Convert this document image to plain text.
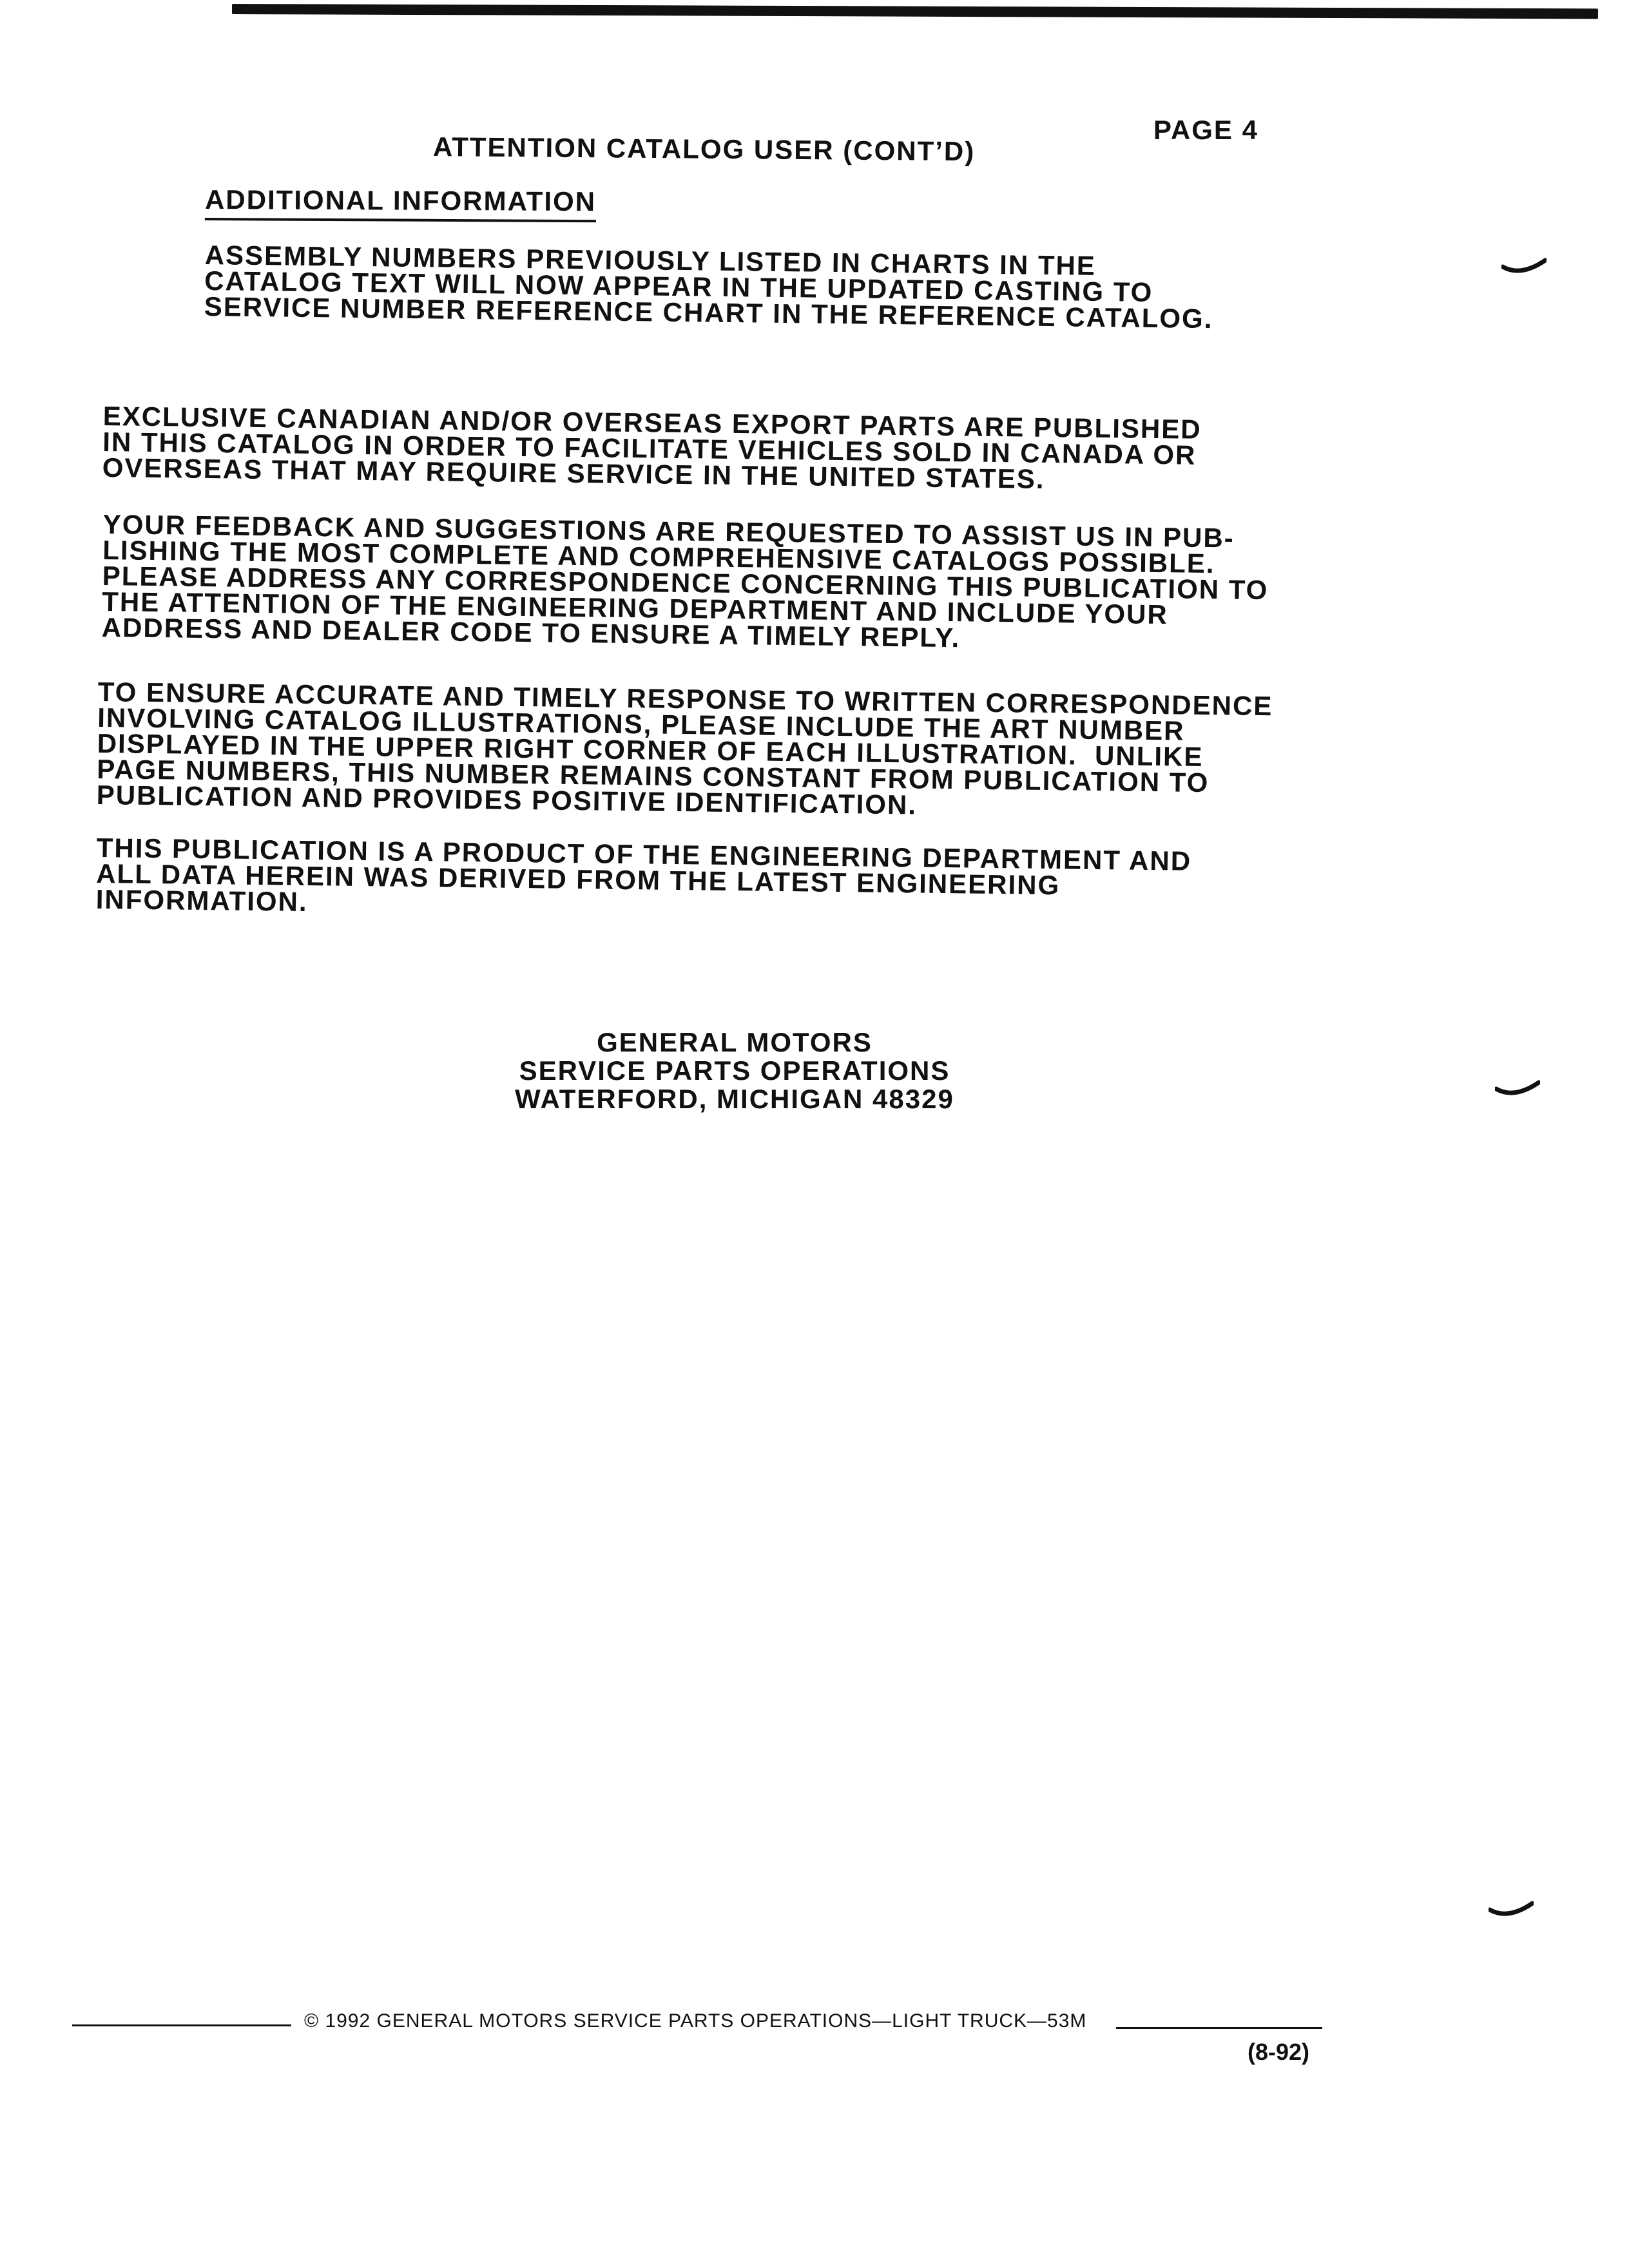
PAGE 4
ATTENTION CATALOG USER (CONT’D)
ADDITIONAL INFORMATION

ASSEMBLY NUMBERS PREVIOUSLY LISTED IN CHARTS IN THE
CATALOG TEXT WILL NOW APPEAR IN THE UPDATED CASTING TO
SERVICE NUMBER REFERENCE CHART IN THE REFERENCE CATALOG.

EXCLUSIVE CANADIAN AND/OR OVERSEAS EXPORT PARTS ARE PUBLISHED
IN THIS CATALOG IN ORDER TO FACILITATE VEHICLES SOLD IN CANADA OR
OVERSEAS THAT MAY REQUIRE SERVICE IN THE UNITED STATES.

YOUR FEEDBACK AND SUGGESTIONS ARE REQUESTED TO ASSIST US IN PUB-
LISHING THE MOST COMPLETE AND COMPREHENSIVE CATALOGS POSSIBLE.
PLEASE ADDRESS ANY CORRESPONDENCE CONCERNING THIS PUBLICATION TO
THE ATTENTION OF THE ENGINEERING DEPARTMENT AND INCLUDE YOUR
ADDRESS AND DEALER CODE TO ENSURE A TIMELY REPLY.

TO ENSURE ACCURATE AND TIMELY RESPONSE TO WRITTEN CORRESPONDENCE
INVOLVING CATALOG ILLUSTRATIONS, PLEASE INCLUDE THE ART NUMBER
DISPLAYED IN THE UPPER RIGHT CORNER OF EACH ILLUSTRATION.  UNLIKE
PAGE NUMBERS, THIS NUMBER REMAINS CONSTANT FROM PUBLICATION TO
PUBLICATION AND PROVIDES POSITIVE IDENTIFICATION.

THIS PUBLICATION IS A PRODUCT OF THE ENGINEERING DEPARTMENT AND
ALL DATA HEREIN WAS DERIVED FROM THE LATEST ENGINEERING
INFORMATION.

GENERAL MOTORS
SERVICE PARTS OPERATIONS
WATERFORD, MICHIGAN 48329
© 1992 GENERAL MOTORS SERVICE PARTS OPERATIONS—LIGHT TRUCK—53M
(8-92)
